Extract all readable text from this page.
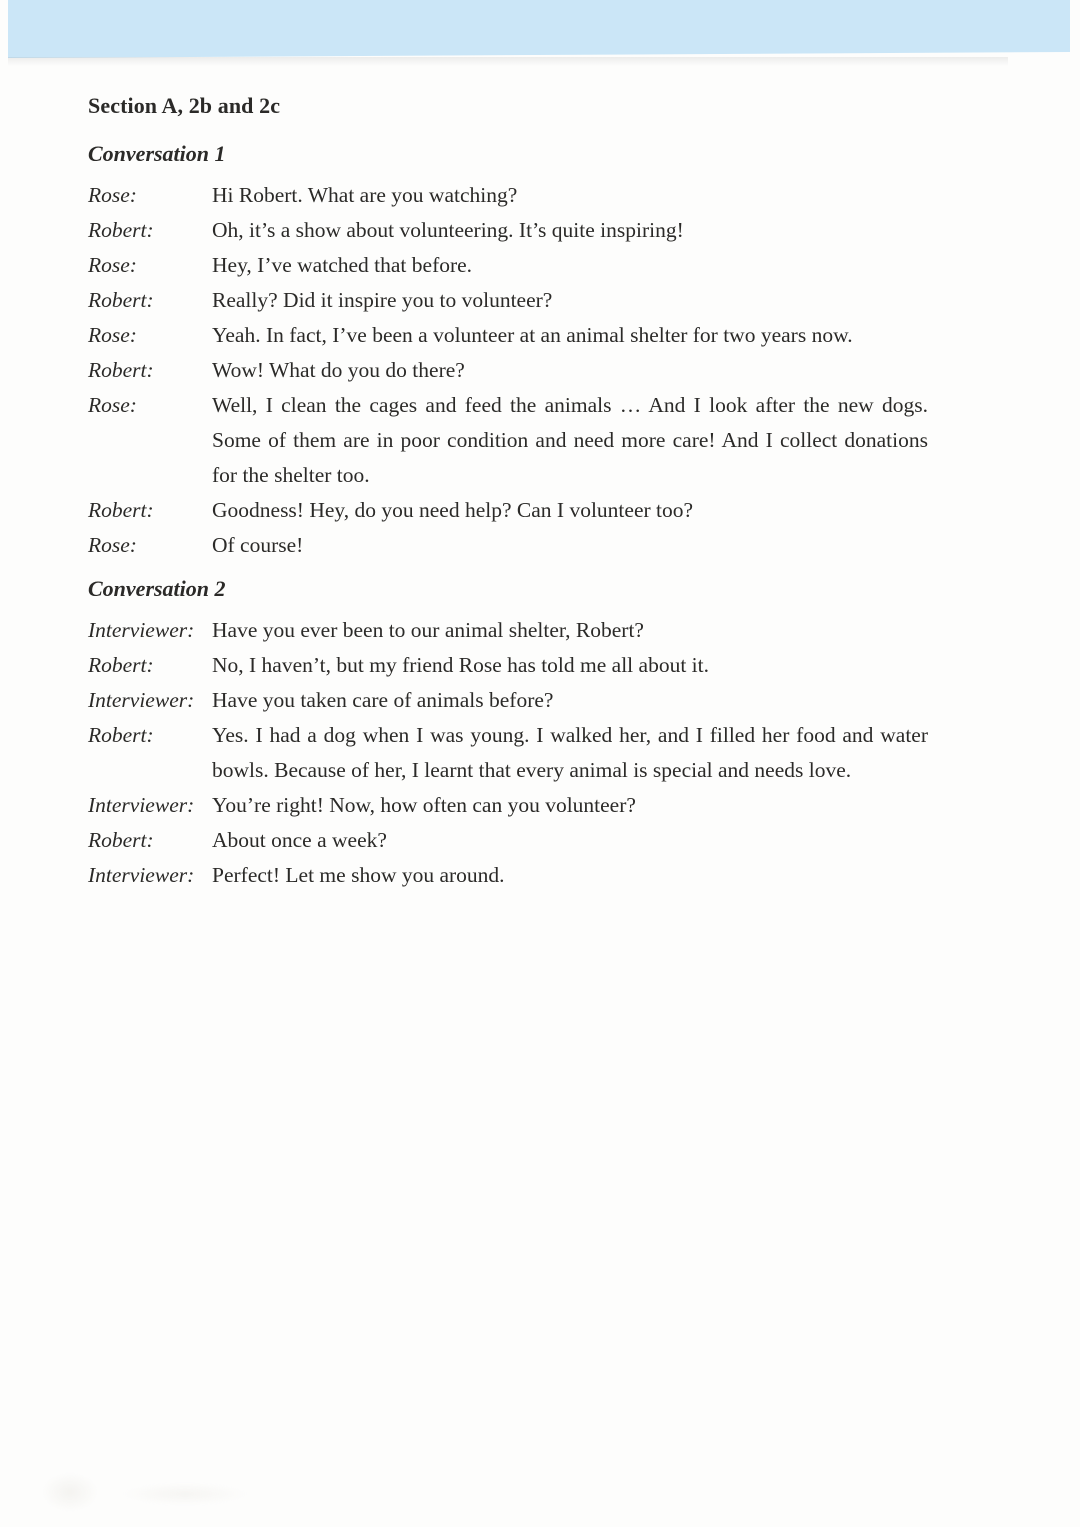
Section A, 2b and 2c

Conversation 1

Rose:	Hi Robert. What are you watching?
Robert:	Oh, it’s a show about volunteering. It’s quite inspiring!
Rose:	Hey, I’ve watched that before.
Robert:	Really? Did it inspire you to volunteer?
Rose:	Yeah. In fact, I’ve been a volunteer at an animal shelter for two years now.
Robert:	Wow! What do you do there?
Rose:	Well, I clean the cages and feed the animals … And I look after the new dogs. Some of them are in poor condition and need more care! And I collect donations for the shelter too.
Robert:	Goodness! Hey, do you need help? Can I volunteer too?
Rose:	Of course!

Conversation 2

Interviewer: Have you ever been to our animal shelter, Robert?
Robert:	No, I haven’t, but my friend Rose has told me all about it.
Interviewer: Have you taken care of animals before?
Robert:	Yes. I had a dog when I was young. I walked her, and I filled her food and water bowls. Because of her, I learnt that every animal is special and needs love.
Interviewer: You’re right! Now, how often can you volunteer?
Robert:	About once a week?
Interviewer: Perfect! Let me show you around.
